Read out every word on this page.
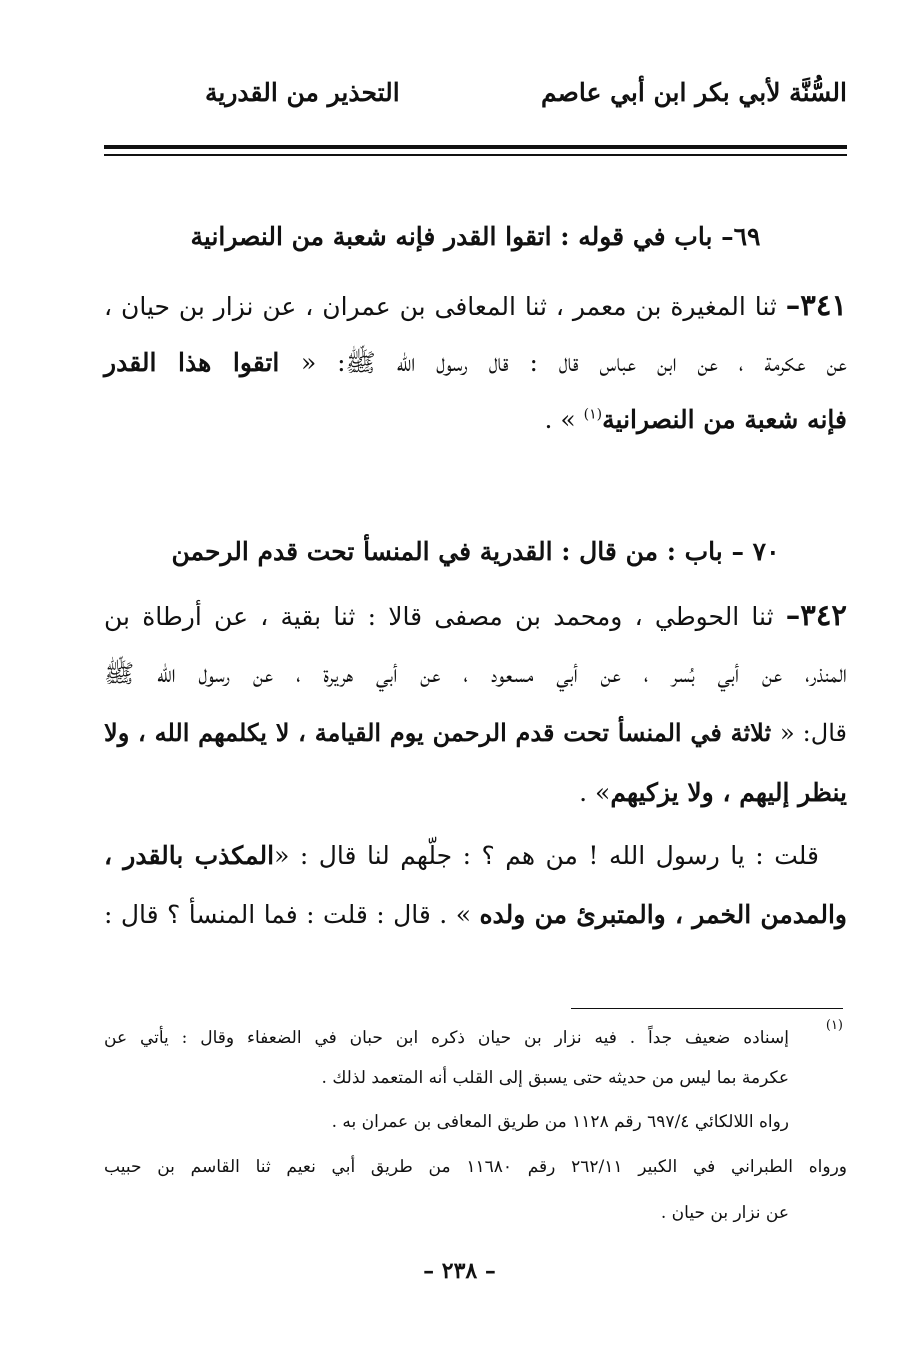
السُّنَّة لأبي بكر ابن أبي عاصم
التحذير من القدرية
٦٩– باب في قوله : اتقوا القدر فإنه شعبة من النصرانية
٣٤١– ثنا المغيرة بن معمر ، ثنا المعافى بن عمران ، عن نزار بن حيان ،
عن عكرمة ، عن ابن عباس قال : قال رسول الله ﷺ: « اتقوا هذا القدر
فإنه شعبة من النصرانية$^{(١)}$ » .
٧٠ – باب : من قال : القدرية في المنسأ تحت قدم الرحمن
٣٤٢– ثنا الحوطي ، ومحمد بن مصفى قالا : ثنا بقية ، عن أرطاة بن
المنذر، عن أبي بُسر ، عن أبي مسعود ، عن أبي هريرة ، عن رسول الله ﷺ
قال: « ثلاثة في المنسأ تحت قدم الرحمن يوم القيامة ، لا يكلمهم الله ، ولا
ينظر إليهم ، ولا يزكيهم» .
قلت : يا رسول الله ! من هم ؟ : جلّهم لنا قال : «المكذب بالقدر ،
والمدمن الخمر ، والمتبرئ من ولده » . قال : قلت : فما المنسأ ؟ قال :
(١)
إسناده ضعيف جداً . فيه نزار بن حيان ذكره ابن حبان في الضعفاء وقال : يأتي عن
عكرمة بما ليس من حديثه حتى يسبق إلى القلب أنه المتعمد لذلك .
رواه اللالكائي ٦٩٧/٤ رقم ١١٢٨ من طريق المعافى بن عمران به .
ورواه الطبراني في الكبير ٢٦٢/١١ رقم ١١٦٨٠ من طريق أبي نعيم ثنا القاسم بن حبيب
عن نزار بن حيان .
– ٢٣٨ –
